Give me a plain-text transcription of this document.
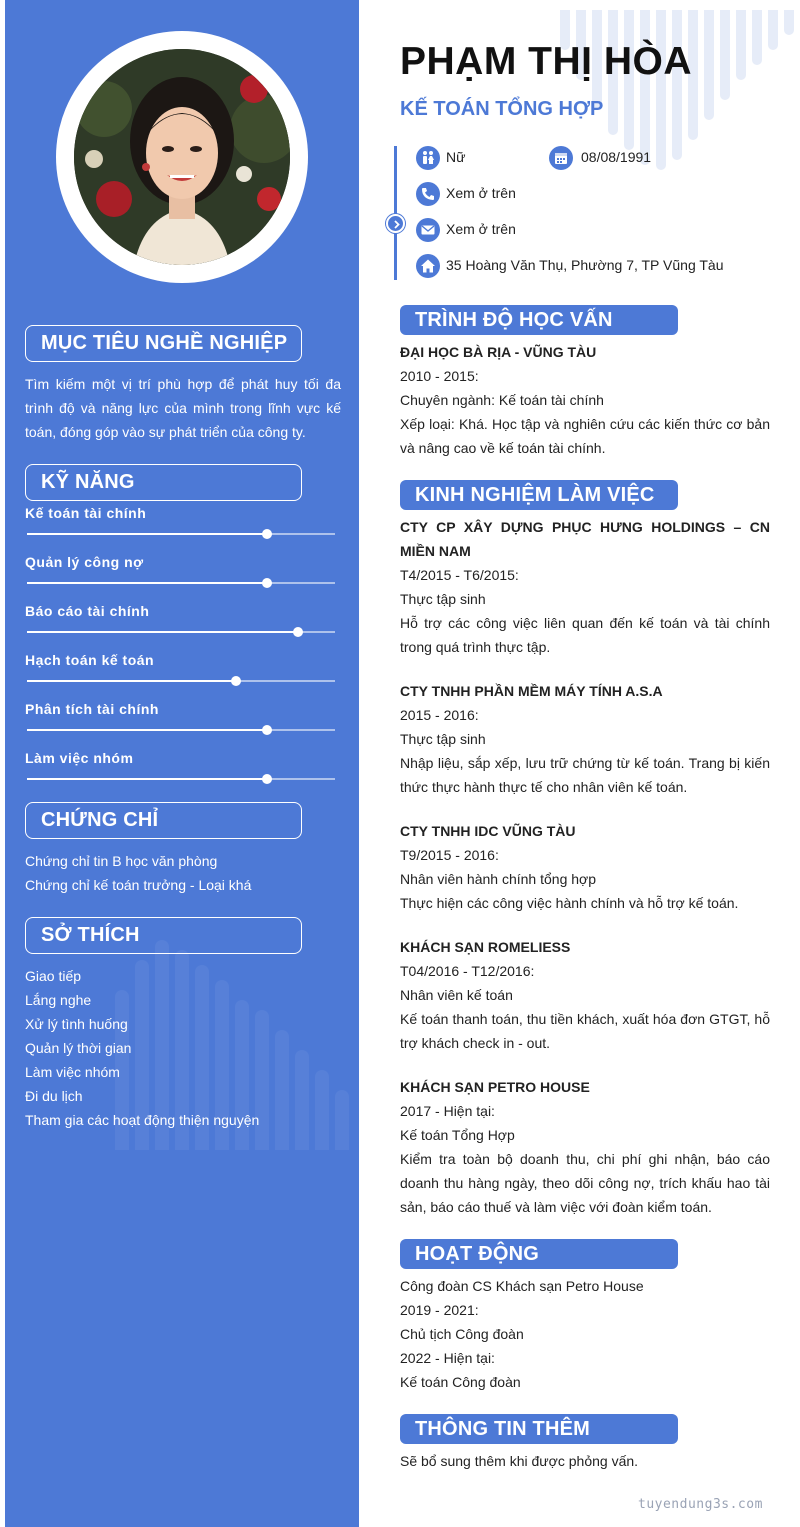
MỤC TIÊU NGHỀ NGHIỆP
Tìm kiếm một vị trí phù hợp để phát huy tối đa trình độ và năng lực của mình trong lĩnh vực kế toán, đóng góp vào sự phát triển của công ty.
KỸ NĂNG
Kế toán tài chính
Quản lý công nợ
Báo cáo tài chính
Hạch toán kế toán
Phân tích tài chính
Làm việc nhóm
CHỨNG CHỈ
Chứng chỉ tin B học văn phòng
Chứng chỉ kế toán trưởng - Loại khá
SỞ THÍCH
Giao tiếp
Lắng nghe
Xử lý tình huống
Quản lý thời gian
Làm việc nhóm
Đi du lịch
Tham gia các hoạt động thiện nguyện
PHẠM THỊ HÒA
KẾ TOÁN TỔNG HỢP
Nữ	08/08/1991
Xem ở trên
Xem ở trên
35 Hoàng Văn Thụ, Phường 7, TP Vũng Tàu
TRÌNH ĐỘ HỌC VẤN
ĐẠI HỌC BÀ RỊA - VŨNG TÀU
2010 - 2015:
Chuyên ngành: Kế toán tài chính
Xếp loại: Khá. Học tập và nghiên cứu các kiến thức cơ bản và nâng cao về kế toán tài chính.
KINH NGHIỆM LÀM VIỆC
CTY CP XÂY DỰNG PHỤC HƯNG HOLDINGS – CN MIỀN NAM
T4/2015 - T6/2015:
Thực tập sinh
Hỗ trợ các công việc liên quan đến kế toán và tài chính trong quá trình thực tập.
CTY TNHH PHẦN MỀM MÁY TÍNH A.S.A
2015 - 2016:
Thực tập sinh
Nhập liệu, sắp xếp, lưu trữ chứng từ kế toán. Trang bị kiến thức thực hành thực tế cho nhân viên kế toán.
CTY TNHH IDC VŨNG TÀU
T9/2015 - 2016:
Nhân viên hành chính tổng hợp
Thực hiện các công việc hành chính và hỗ trợ kế toán.
KHÁCH SẠN ROMELIESS
T04/2016 - T12/2016:
Nhân viên kế toán
Kế toán thanh toán, thu tiền khách, xuất hóa đơn GTGT, hỗ trợ khách check in - out.
KHÁCH SẠN PETRO HOUSE
2017 - Hiện tại:
Kế toán Tổng Hợp
Kiểm tra toàn bộ doanh thu, chi phí ghi nhận, báo cáo doanh thu hàng ngày, theo dõi công nợ, trích khấu hao tài sản, báo cáo thuế và làm việc với đoàn kiểm toán.
HOẠT ĐỘNG
Công đoàn CS Khách sạn Petro House
2019 - 2021:
Chủ tịch Công đoàn
2022 - Hiện tại:
Kế toán Công đoàn
THÔNG TIN THÊM
Sẽ bổ sung thêm khi được phỏng vấn.
tuyendung3s.com
